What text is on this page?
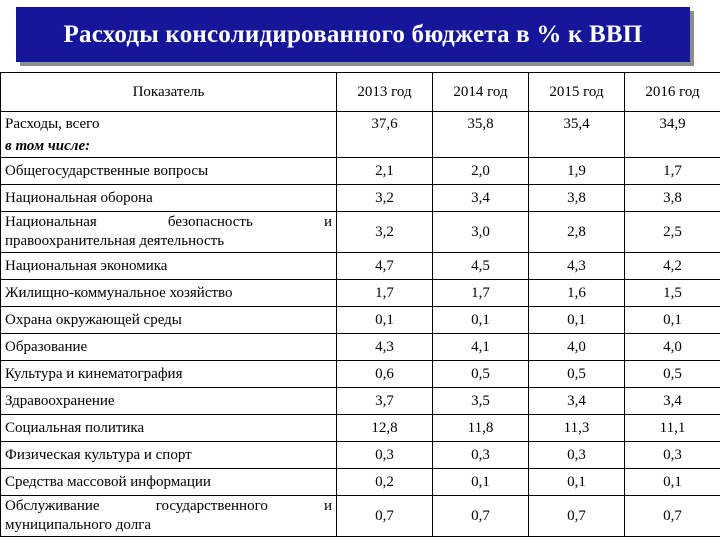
Расходы консолидированного бюджета в % к ВВП
Показатель	2013 год	2014 год	2015 год	2016 год
Расходы, всего	37,6	35,8	35,4	34,9
в том числе:				
Общегосударственные вопросы	2,1	2,0	1,9	1,7
Национальная оборона	3,2	3,4	3,8	3,8

Национальная безопасность и
правоохранительная деятельность	3,2	3,0	2,8	2,5
Национальная экономика	4,7	4,5	4,3	4,2
Жилищно-коммунальное хозяйство	1,7	1,7	1,6	1,5
Охрана окружающей среды	0,1	0,1	0,1	0,1
Образование	4,3	4,1	4,0	4,0
Культура и кинематография	0,6	0,5	0,5	0,5
Здравоохранение	3,7	3,5	3,4	3,4
Социальная политика	12,8	11,8	11,3	11,1
Физическая культура и спорт	0,3	0,3	0,3	0,3
Средства массовой информации	0,2	0,1	0,1	0,1

Обслуживание государственного и
муниципального долга	0,7	0,7	0,7	0,7
